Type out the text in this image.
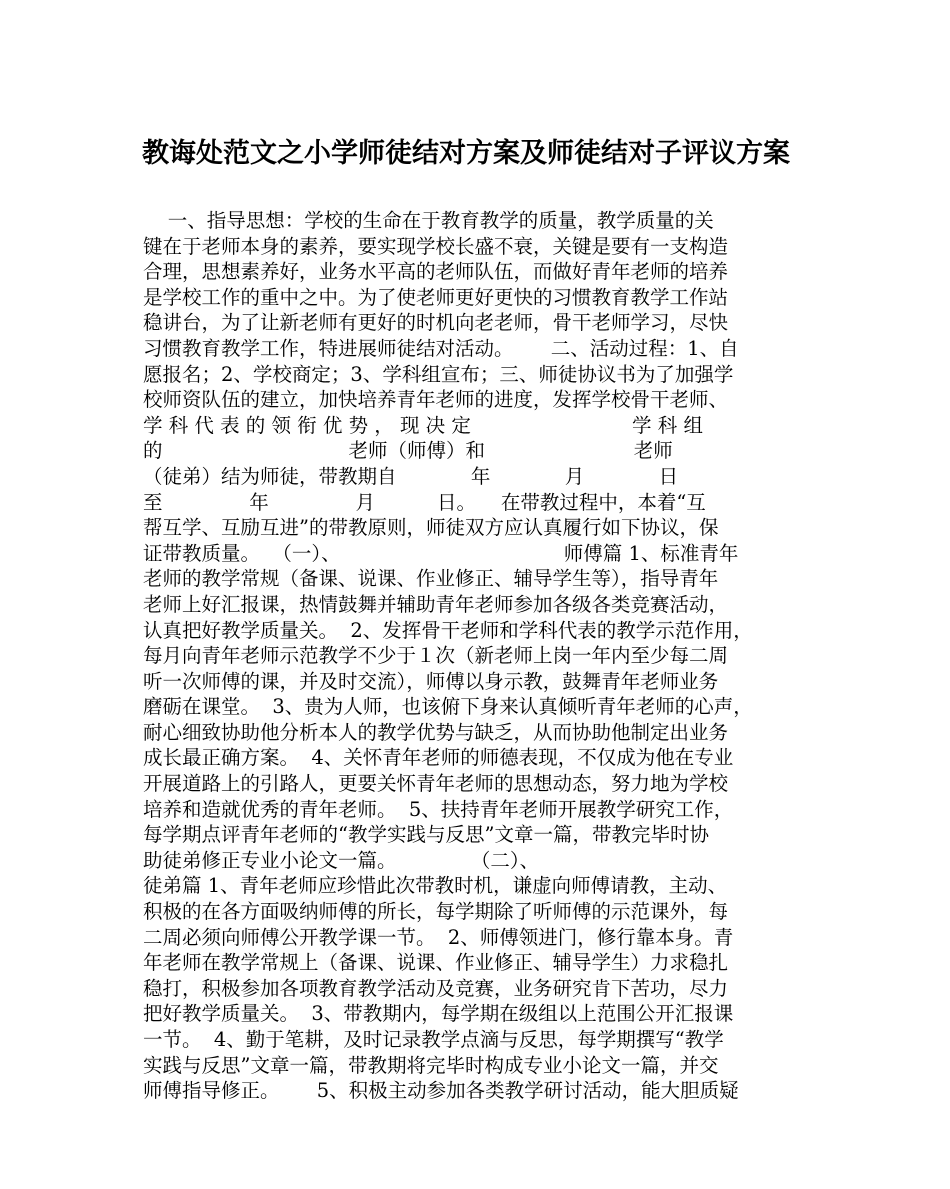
教诲处范文之小学师徒结对方案及师徒结对子评议方案
一、指导思想：学校的生命在于教育教学的质量，教学质量的关
键在于老师本身的素养，要实现学校长盛不衰，关键是要有一支构造
合理，思想素养好，业务水平高的老师队伍，而做好青年老师的培养
是学校工作的重中之中。为了使老师更好更快的习惯教育教学工作站
稳讲台，为了让新老师有更好的时机向老老师，骨干老师学习，尽快
习惯教育教学工作，特进展师徒结对活动。      二、活动过程：1、自
愿报名；2、学校商定；3、学科组宣布；三、师徒协议书为了加强学
校师资队伍的建立，加快培养青年老师的进度，发挥学校骨干老师、
学 科 代 表 的 领 衔 优 势 ， 现 决 定                          学 科 组
的                              老师（师傅）和                        老师
（徒弟）结为师徒，带教期自            年            月            日
至              年              月          日。    在带教过程中，本着“互
帮互学、互励互进”的带教原则，师徒双方应认真履行如下协议，保
证带教质量。  （一）、                                    师傅篇 1、标准青年
老师的教学常规（备课、说课、作业修正、辅导学生等），指导青年
老师上好汇报课，热情鼓舞并辅助青年老师参加各级各类竞赛活动，
认真把好教学质量关。  2、发挥骨干老师和学科代表的教学示范作用，
每月向青年老师示范教学不少于１次（新老师上岗一年内至少每二周
听一次师傅的课，并及时交流），师傅以身示教，鼓舞青年老师业务
磨砺在课堂。  3、贵为人师，也该俯下身来认真倾听青年老师的心声，
耐心细致协助他分析本人的教学优势与缺乏，从而协助他制定出业务
成长最正确方案。  4、关怀青年老师的师德表现，不仅成为他在专业
开展道路上的引路人，更要关怀青年老师的思想动态，努力地为学校
培养和造就优秀的青年老师。  5、扶持青年老师开展教学研究工作，
每学期点评青年老师的“教学实践与反思”文章一篇，带教完毕时协
助徒弟修正专业小论文一篇。            （二）、
徒弟篇 1、青年老师应珍惜此次带教时机，谦虚向师傅请教，主动、
积极的在各方面吸纳师傅的所长，每学期除了听师傅的示范课外，每
二周必须向师傅公开教学课一节。  2、师傅领进门，修行靠本身。青
年老师在教学常规上（备课、说课、作业修正、辅导学生）力求稳扎
稳打，积极参加各项教育教学活动及竞赛，业务研究肯下苦功，尽力
把好教学质量关。  3、带教期内，每学期在级组以上范围公开汇报课
一节。  4、勤于笔耕，及时记录教学点滴与反思，每学期撰写“教学
实践与反思”文章一篇，带教期将完毕时构成专业小论文一篇，并交
师傅指导修正。      5、积极主动参加各类教学研讨活动，能大胆质疑
